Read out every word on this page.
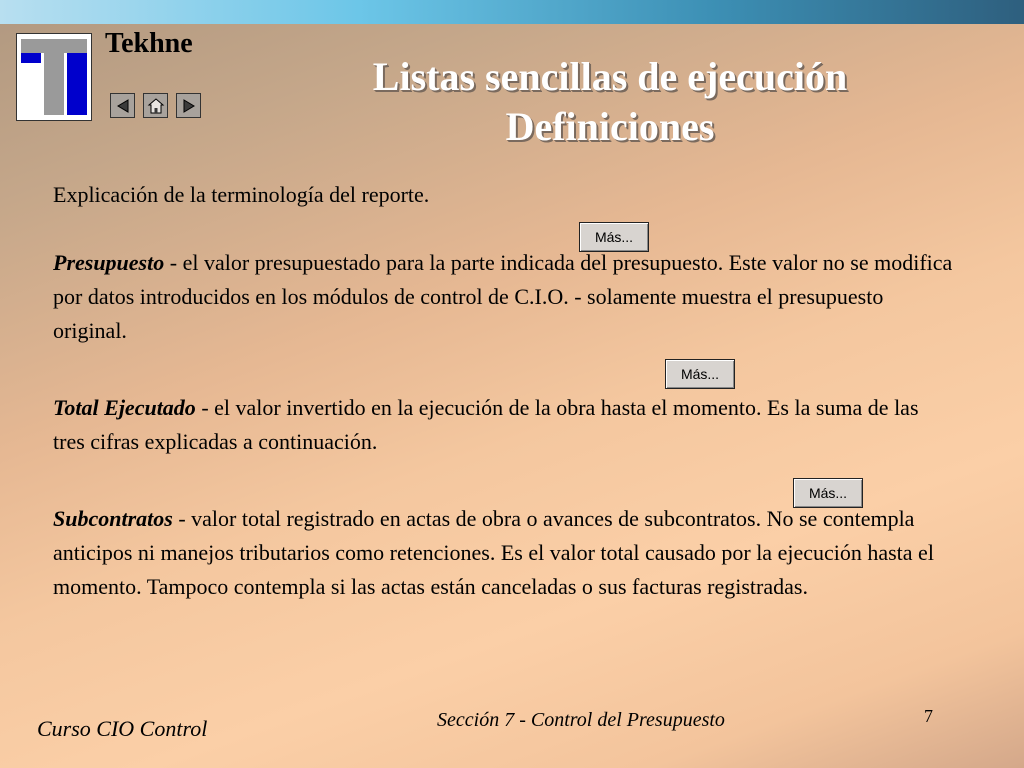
Tekhne
Listas sencillas de ejecución
Definiciones
Explicación de la terminología del reporte.
Más...
Presupuesto - el valor presupuestado para la parte indicada del presupuesto. Este valor no se modifica por datos introducidos en los módulos de control de C.I.O. - solamente muestra el presupuesto original.
Más...
Total Ejecutado - el valor invertido en la ejecución de la obra hasta el momento. Es la suma de las tres cifras explicadas a continuación.
Más...
Subcontratos - valor total registrado en actas de obra o avances de subcontratos. No se contempla anticipos ni manejos tributarios como retenciones. Es el valor total causado por la ejecución hasta el momento. Tampoco contempla si las actas están canceladas o sus facturas registradas.
Curso CIO Control	Sección 7 - Control del Presupuesto	7
